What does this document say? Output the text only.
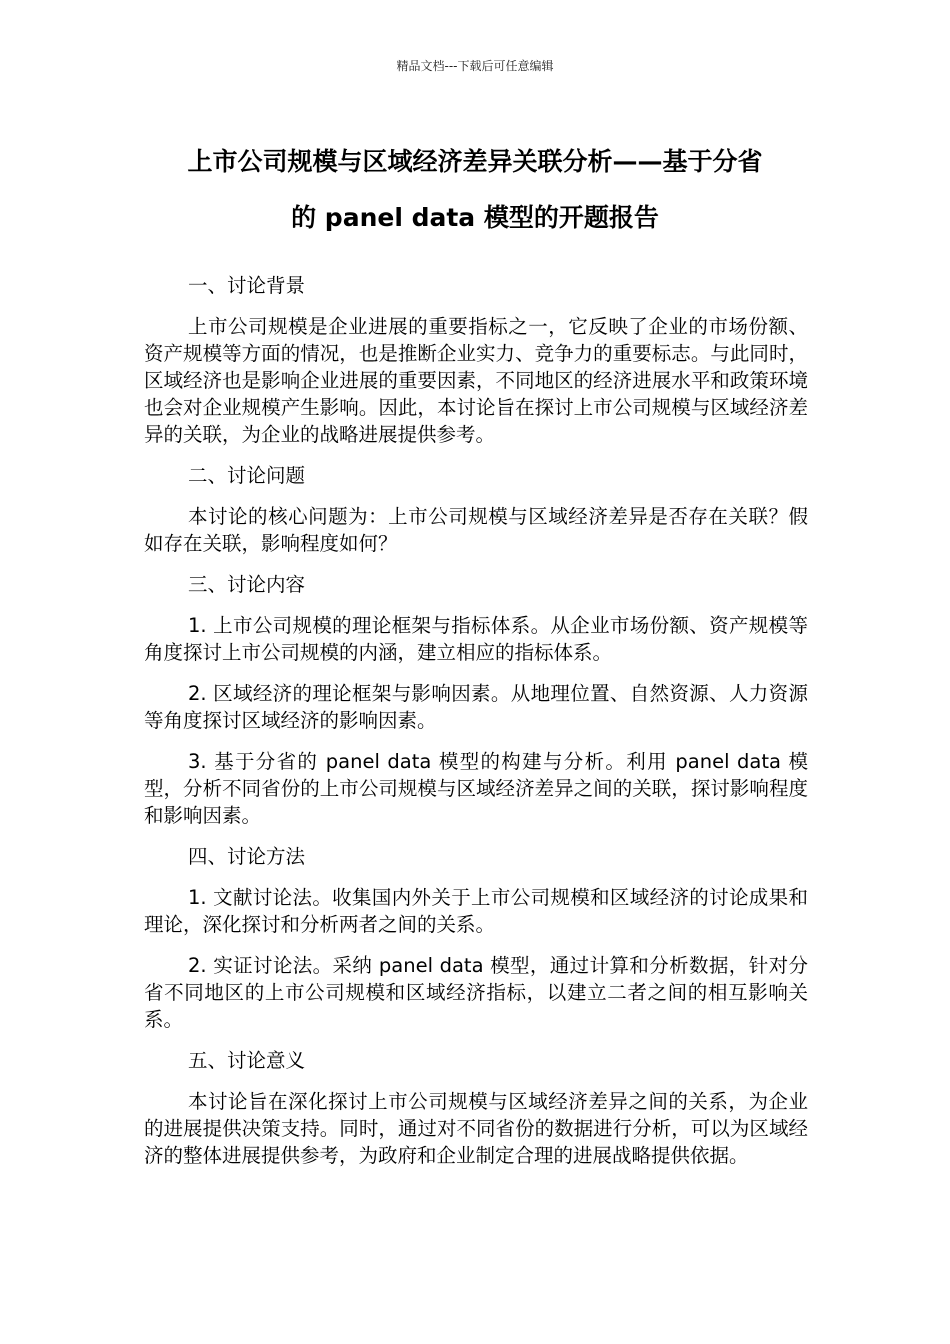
精品文档---下载后可任意编辑
上市公司规模与区域经济差异关联分析——基于分省
的 panel data 模型的开题报告

一、讨论背景

上市公司规模是企业进展的重要指标之一，它反映了企业的市场份额、资产规模等方面的情况，也是推断企业实力、竞争力的重要标志。与此同时，区域经济也是影响企业进展的重要因素，不同地区的经济进展水平和政策环境也会对企业规模产生影响。因此，本讨论旨在探讨上市公司规模与区域经济差异的关联，为企业的战略进展提供参考。

二、讨论问题

本讨论的核心问题为：上市公司规模与区域经济差异是否存在关联？假如存在关联，影响程度如何？

三、讨论内容

1. 上市公司规模的理论框架与指标体系。从企业市场份额、资产规模等角度探讨上市公司规模的内涵，建立相应的指标体系。

2. 区域经济的理论框架与影响因素。从地理位置、自然资源、人力资源等角度探讨区域经济的影响因素。

3. 基于分省的 panel data 模型的构建与分析。利用 panel data 模型，分析不同省份的上市公司规模与区域经济差异之间的关联，探讨影响程度和影响因素。

四、讨论方法

1. 文献讨论法。收集国内外关于上市公司规模和区域经济的讨论成果和理论，深化探讨和分析两者之间的关系。

2. 实证讨论法。采纳 panel data 模型，通过计算和分析数据，针对分省不同地区的上市公司规模和区域经济指标，以建立二者之间的相互影响关系。

五、讨论意义

本讨论旨在深化探讨上市公司规模与区域经济差异之间的关系，为企业的进展提供决策支持。同时，通过对不同省份的数据进行分析，可以为区域经济的整体进展提供参考，为政府和企业制定合理的进展战略提供依据。
